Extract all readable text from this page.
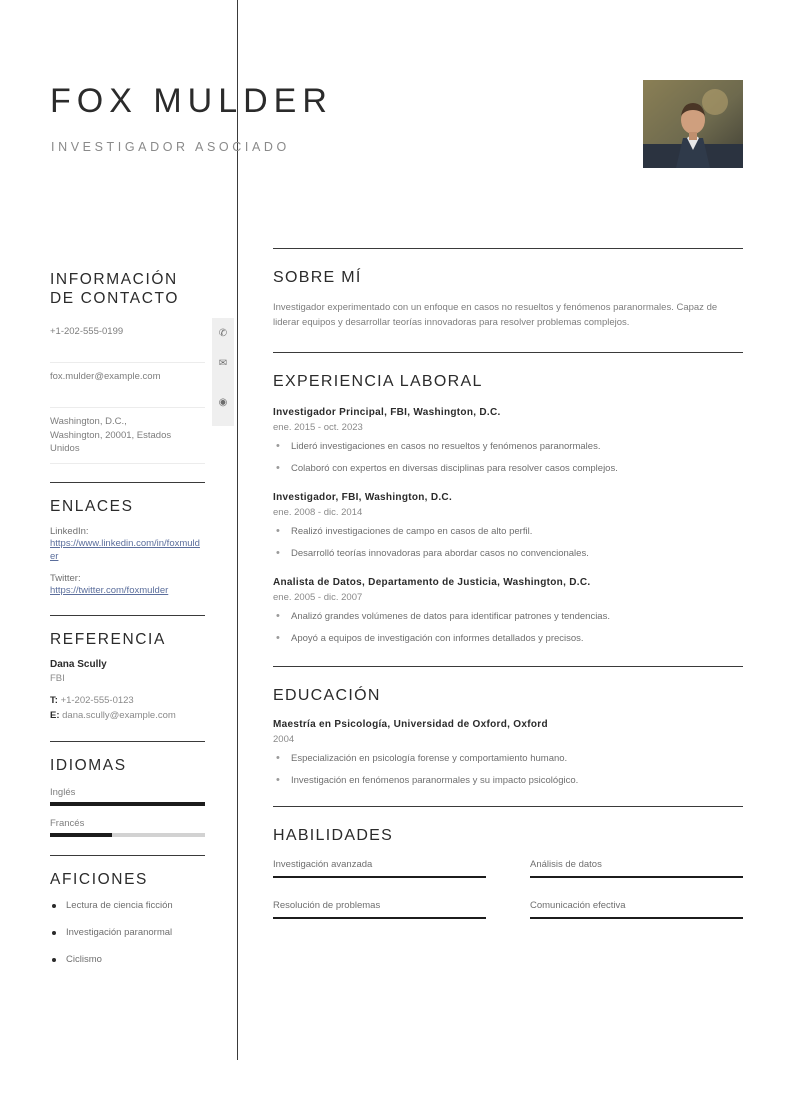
FOX MULDER
INVESTIGADOR ASOCIADO
INFORMACIÓN
DE CONTACTO
✆
✉
◉
+1-202-555-0199
fox.mulder@example.com
Washington, D.C., Washington, 20001, Estados Unidos
ENLACES
LinkedIn:
https://www.linkedin.com/in/foxmulder
Twitter:
https://twitter.com/foxmulder
REFERENCIA
Dana Scully
FBI
T: +1-202-555-0123
E: dana.scully@example.com
IDIOMAS
Inglés
Francés
AFICIONES
Lectura de ciencia ficción
Investigación paranormal
Ciclismo
SOBRE MÍ
Investigador experimentado con un enfoque en casos no resueltos y fenómenos paranormales. Capaz de liderar equipos y desarrollar teorías innovadoras para resolver problemas complejos.
EXPERIENCIA LABORAL
Investigador Principal, FBI, Washington, D.C.
ene. 2015 - oct. 2023
• Lideró investigaciones en casos no resueltos y fenómenos paranormales.
• Colaboró con expertos en diversas disciplinas para resolver casos complejos.
Investigador, FBI, Washington, D.C.
ene. 2008 - dic. 2014
• Realizó investigaciones de campo en casos de alto perfil.
• Desarrolló teorías innovadoras para abordar casos no convencionales.
Analista de Datos, Departamento de Justicia, Washington, D.C.
ene. 2005 - dic. 2007
• Analizó grandes volúmenes de datos para identificar patrones y tendencias.
• Apoyó a equipos de investigación con informes detallados y precisos.
EDUCACIÓN
Maestría en Psicología, Universidad de Oxford, Oxford
2004
• Especialización en psicología forense y comportamiento humano.
• Investigación en fenómenos paranormales y su impacto psicológico.
HABILIDADES
Investigación avanzada	Análisis de datos
Resolución de problemas	Comunicación efectiva
